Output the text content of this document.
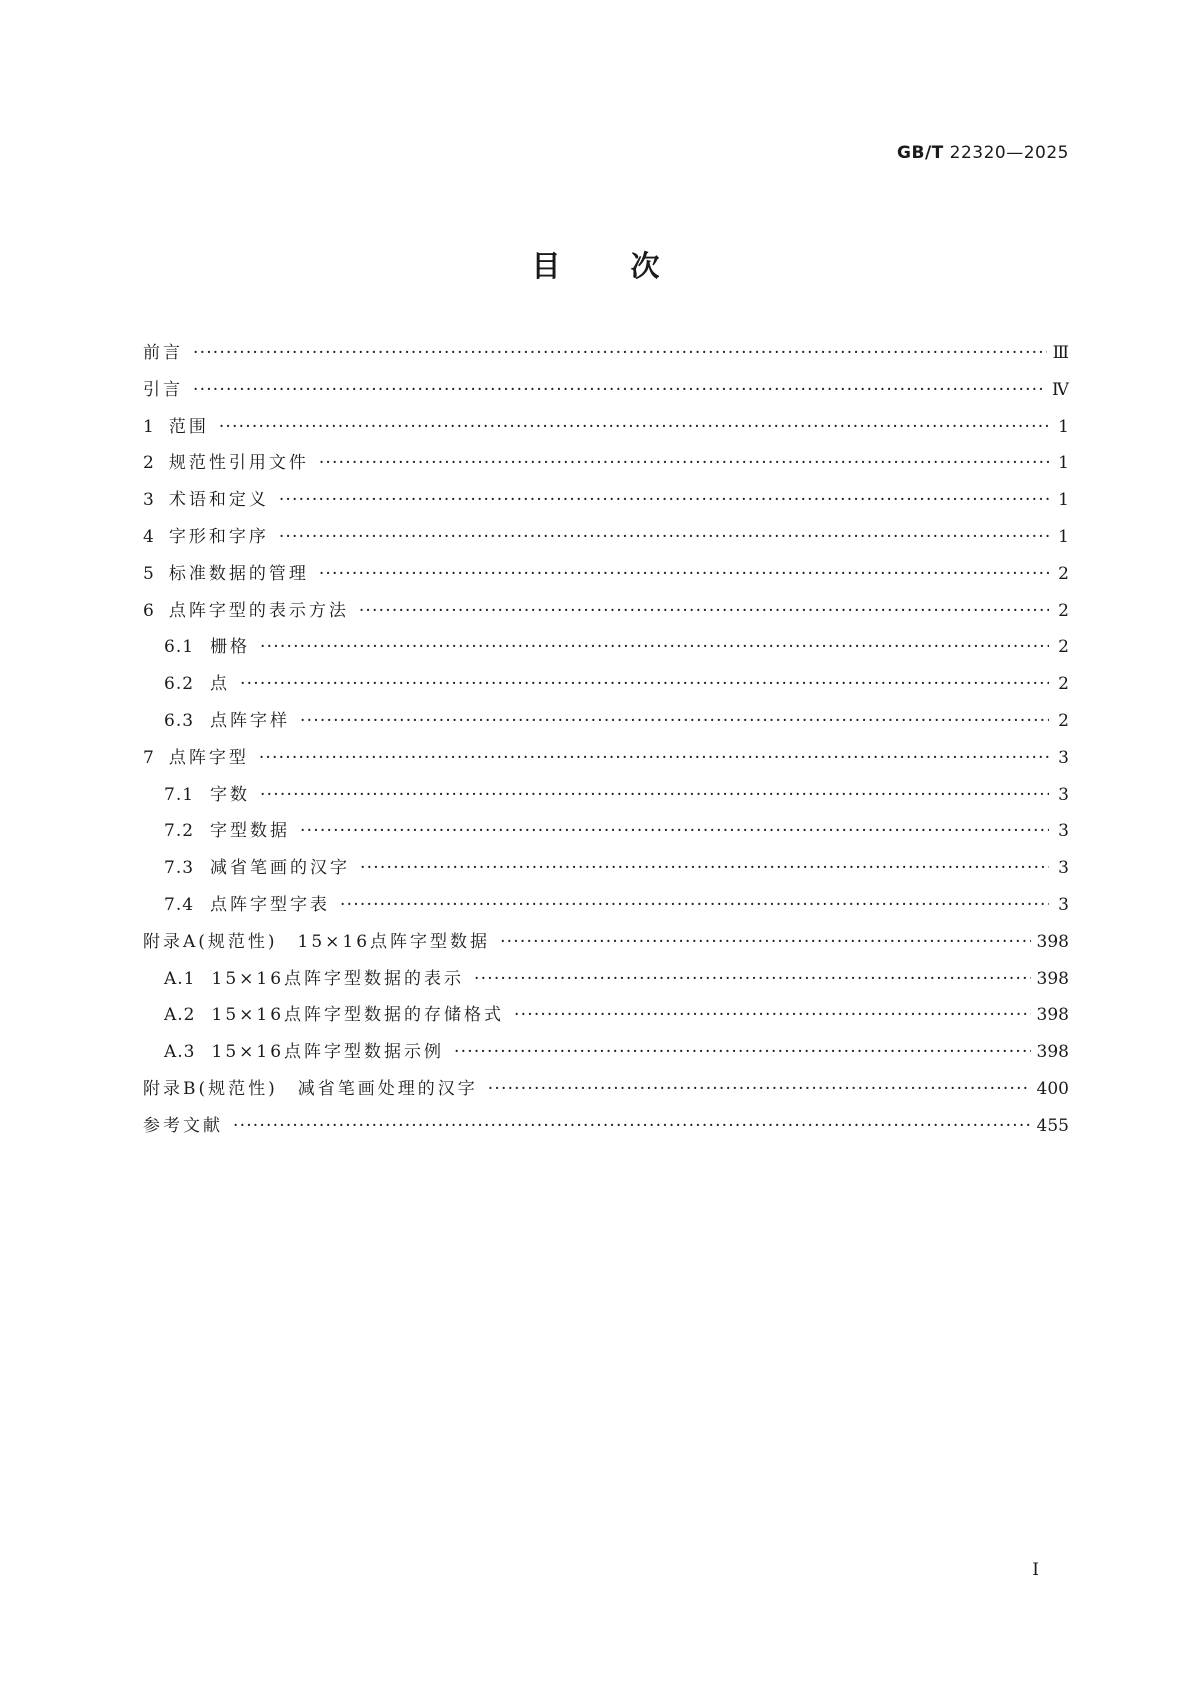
GB/T 22320—2025
目次
前言 ·····	Ⅲ
引言 ·····	Ⅳ
1 范围 ·····	1
2 规范性引用文件 ·····	1
3 术语和定义 ·····	1
4 字形和字序 ·····	1
5 标准数据的管理 ·····	2
6 点阵字型的表示方法 ·····	2
6.1 栅格 ·····	2
6.2 点 ·····	2
6.3 点阵字样 ·····	2
7 点阵字型 ·····	3
7.1 字数 ·····	3
7.2 字型数据 ·····	3
7.3 减省笔画的汉字 ·····	3
7.4 点阵字型字表 ·····	3
附录A(规范性)　15×16点阵字型数据 ·····	398
A.1 15×16点阵字型数据的表示 ·····	398
A.2 15×16点阵字型数据的存储格式 ·····	398
A.3 15×16点阵字型数据示例 ·····	398
附录B(规范性)　减省笔画处理的汉字 ·····	400
参考文献 ·····	455
Ⅰ
